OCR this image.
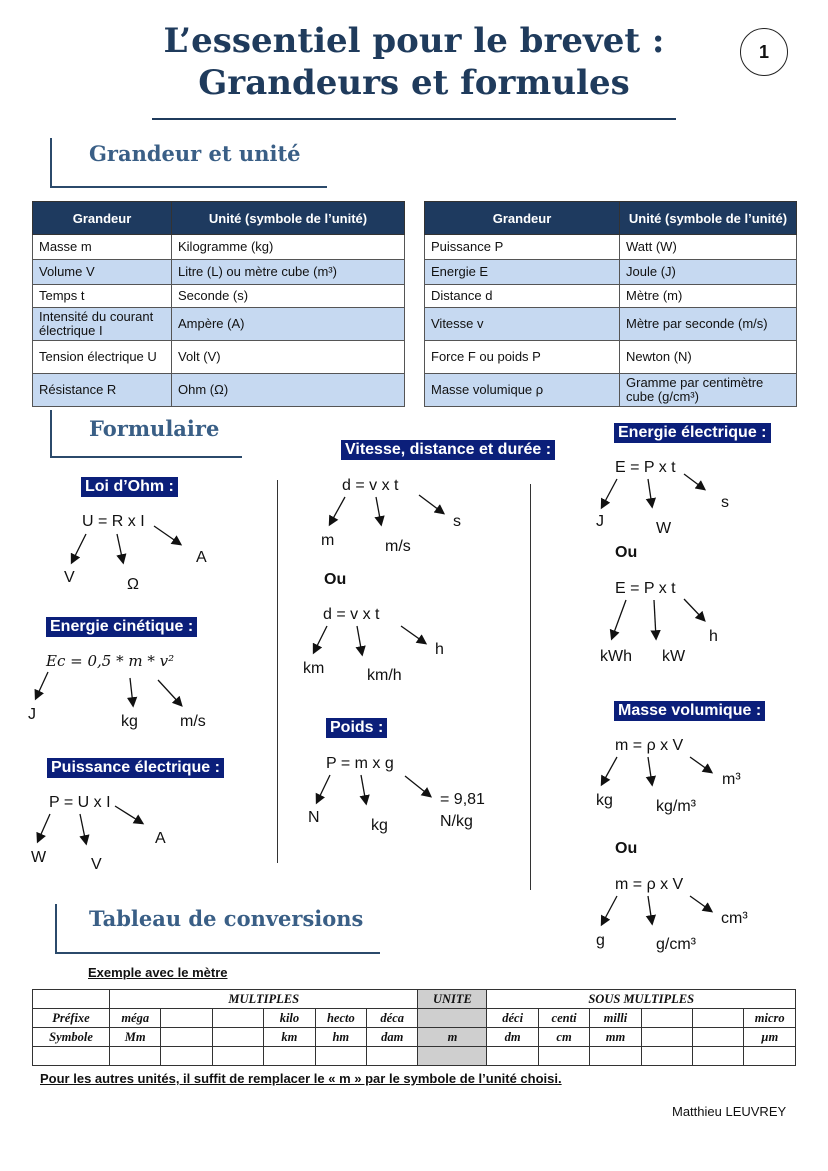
L’essentiel pour le brevet :
Grandeurs et formules
1
Grandeur et unité
Grandeur	Unité (symbole de l’unité)
Masse m	Kilogramme (kg)
Volume V	Litre (L) ou mètre cube (m³)
Temps t	Seconde (s)
Intensité du courant électrique I	Ampère (A)
Tension électrique U	Volt (V)
Résistance R	Ohm (Ω)
Grandeur	Unité (symbole de l’unité)
Puissance P	Watt (W)
Energie E	Joule (J)
Distance d	Mètre (m)
Vitesse v	Mètre par seconde (m/s)
Force F ou poids P	Newton (N)
Masse volumique ρ	Gramme par centimètre cube (g/cm³)
Formulaire
Loi d’Ohm :
U = R x I
V	Ω
A
Energie cinétique :
Ec = 0,5 * m * v²
J	kg	m/s
Puissance électrique :
P = U x I
W	V
A
Vitesse, distance et durée :
d = v x t
m	m/s
s
Ou
d = v x t
km	km/h
h
Poids :
P = m x g
N	kg
= 9,81
N/kg
Energie électrique :
E = P x t
J	W
s
Ou
E = P x t
kWh kW
h
Masse volumique :
m = ρ x V
kg	kg/m³
m³
Ou
m = ρ x V
g	g/cm³
cm³
Tableau de conversions
Exemple avec le mètre
	MULTIPLES						UNITE	SOUS MULTIPLES					
Préfixe	méga			kilo	hecto	déca		déci	centi	milli			micro
Symbole	Mm			km	hm	dam	m	dm	cm	mm			µm

Pour les autres unités, il suffit de remplacer le « m » par le symbole de l’unité choisi.
Matthieu LEUVREY
